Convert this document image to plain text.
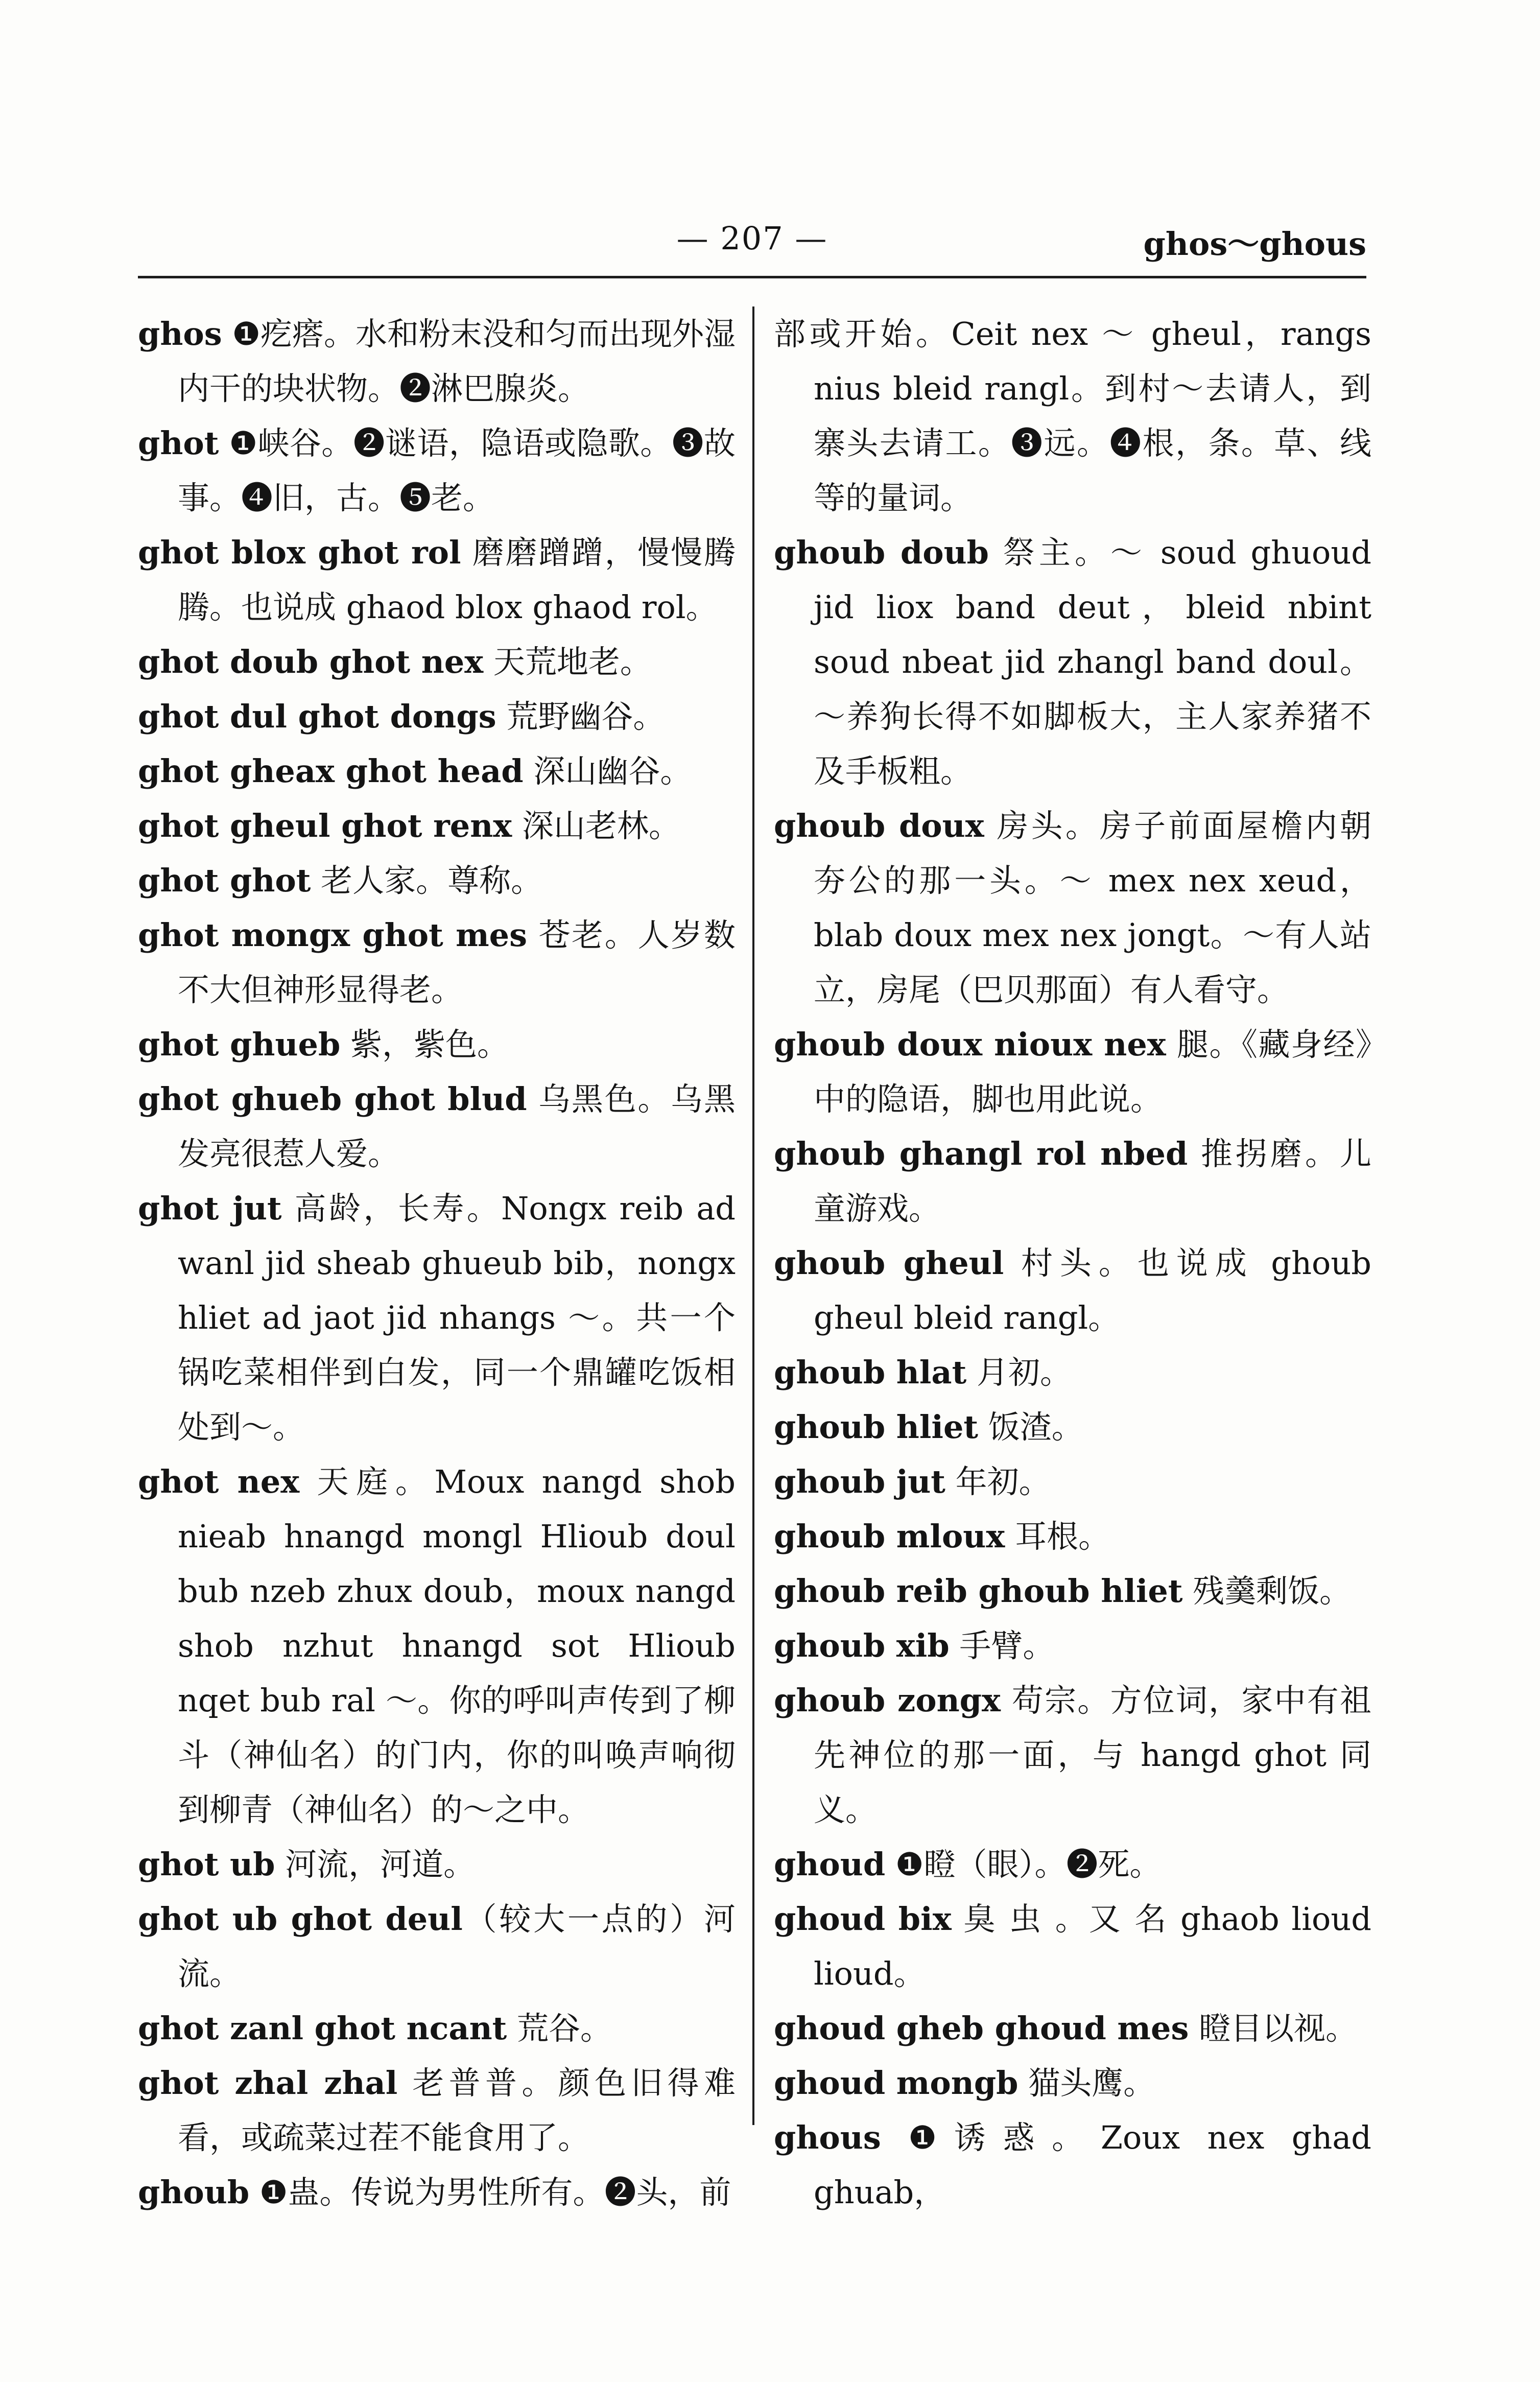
— 207 —	ghos～ghous

ghos ❶疙瘩。水和粉末没和匀而出现外湿内干的块状物。❷淋巴腺炎。

ghot ❶峡谷。❷谜语，隐语或隐歌。❸故事。❹旧，古。❺老。

ghot blox ghot rol 磨磨蹭蹭，慢慢腾腾。也说成 ghaod blox ghaod rol。

ghot doub ghot nex 天荒地老。

ghot dul ghot dongs 荒野幽谷。

ghot gheax ghot head 深山幽谷。

ghot gheul ghot renx 深山老林。

ghot ghot 老人家。尊称。

ghot mongx ghot mes 苍老。人岁数不大但神形显得老。

ghot ghueb 紫，紫色。

ghot ghueb ghot blud 乌黑色。乌黑发亮很惹人爱。

ghot jut 高龄，长寿。Nongx reib ad wanl jid sheab ghueub bib，nongx hliet ad jaot jid nhangs ～。共一个锅吃菜相伴到白发，同一个鼎罐吃饭相处到～。

ghot nex 天庭。Moux nangd shob nieab hnangd mongl Hlioub doul bub nzeb zhux doub，moux nangd shob nzhut hnangd sot Hlioub nqet bub ral ～。你的呼叫声传到了柳斗（神仙名）的门内，你的叫唤声响彻到柳青（神仙名）的～之中。

ghot ub 河流，河道。

ghot ub ghot deul（较大一点的）河流。

ghot zanl ghot ncant 荒谷。

ghot zhal zhal 老普普。颜色旧得难看，或疏菜过茬不能食用了。

ghoub ❶蛊。传说为男性所有。❷头，前

部或开始。Ceit nex ～ gheul，rangs nius bleid rangl。到村～去请人，到寨头去请工。❸远。❹根，条。草、线等的量词。

ghoub doub 祭主。～ soud ghuoud jid liox band deut，bleid nbint soud nbeat jid zhangl band doul。～养狗长得不如脚板大，主人家养猪不及手板粗。

ghoub doux 房头。房子前面屋檐内朝夯公的那一头。～ mex nex xeud，blab doux mex nex jongt。～有人站立，房尾（巴贝那面）有人看守。

ghoub doux nioux nex 腿。《藏身经》中的隐语，脚也用此说。

ghoub ghangl rol nbed 推拐磨。儿童游戏。

ghoub gheul 村头。也说成 ghoub gheul bleid rangl。

ghoub hlat 月初。

ghoub hliet 饭渣。

ghoub jut 年初。

ghoub mloux 耳根。

ghoub reib ghoub hliet 残羹剩饭。

ghoub xib 手臂。

ghoub zongx 苟宗。方位词，家中有祖先神位的那一面，与 hangd ghot 同义。

ghoud ❶瞪（眼）。❷死。

ghoud bix 臭 虫 。又 名 ghaob lioud lioud。

ghoud gheb ghoud mes 瞪目以视。

ghoud mongb 猫头鹰。

ghous ❶诱惑。Zoux nex ghad ghuab，
